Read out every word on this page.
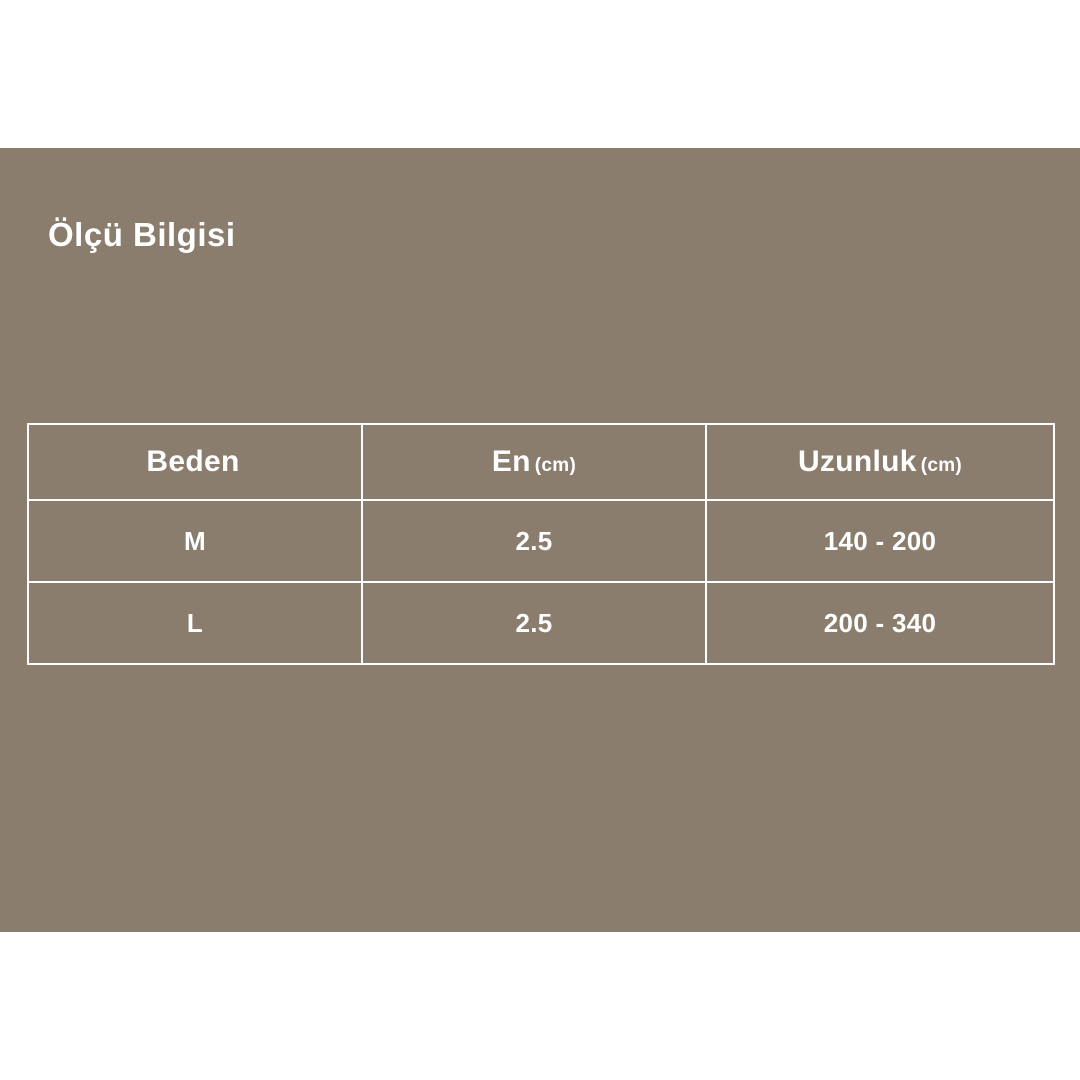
Ölçü Bilgisi
Beden	En (cm)	Uzunluk (cm)

M	2.5	140 - 200
L	2.5	200 - 340
